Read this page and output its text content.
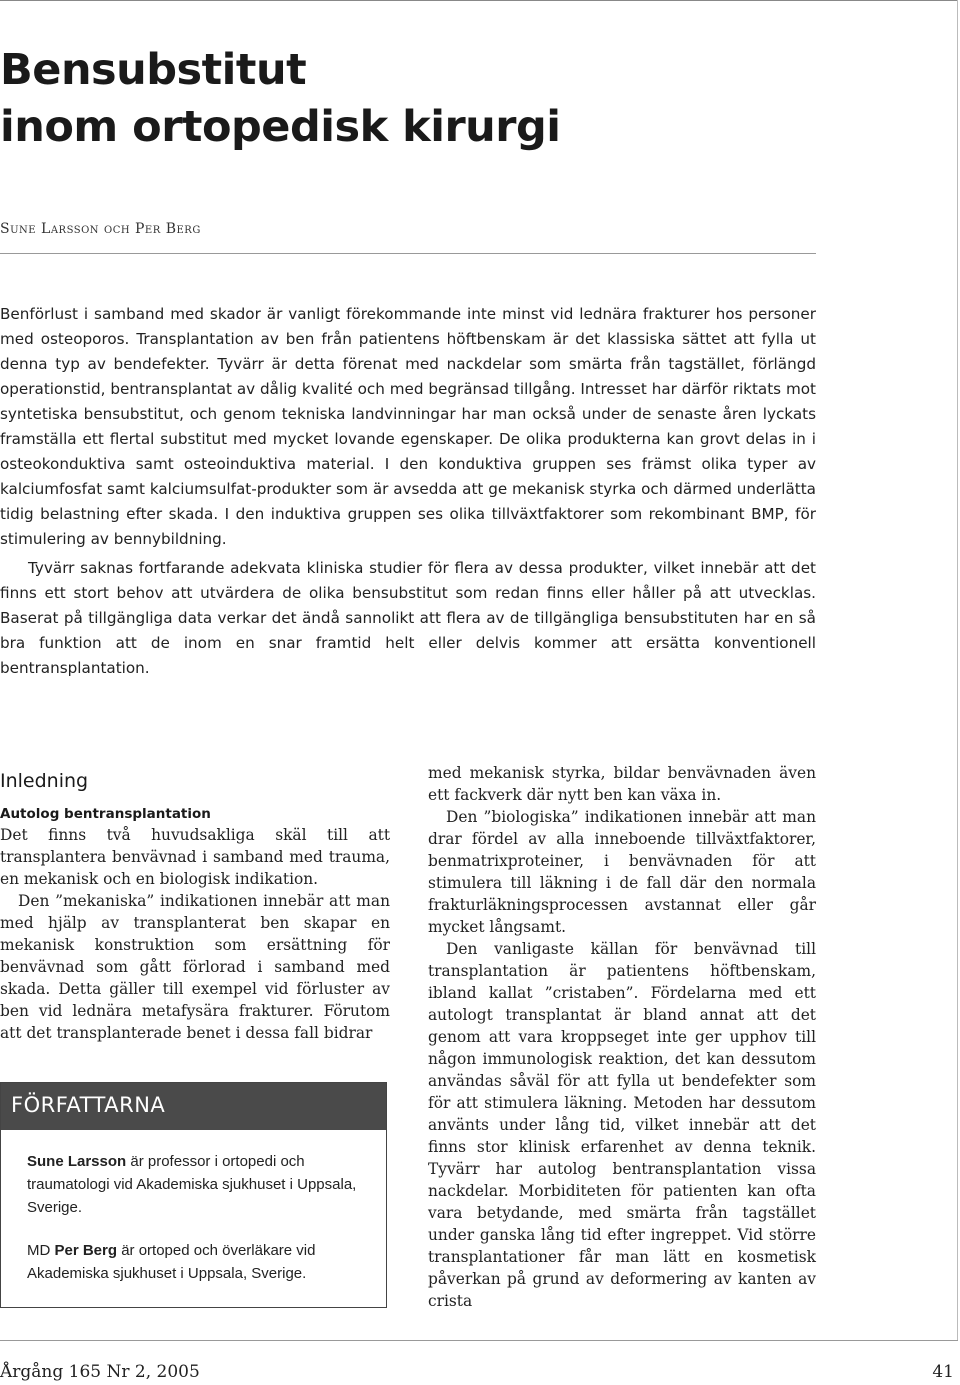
Bensubstitut
inom ortopedisk kirurgi

Sune Larsson och Per Berg

Benförlust i samband med skador är vanligt förekommande inte minst vid lednära frakturer hos personer med osteoporos. Transplantation av ben från patientens höftbenskam är det klassiska sättet att fylla ut denna typ av bendefekter. Tyvärr är detta förenat med nackdelar som smärta från tagstället, förlängd operationstid, bentransplantat av dålig kvalité och med begränsad tillgång. Intresset har därför riktats mot syntetiska bensubstitut, och genom tekniska landvinningar har man också under de senaste åren lyckats framställa ett flertal substitut med mycket lovande egenskaper. De olika produkterna kan grovt delas in i osteokonduktiva samt osteoinduktiva material. I den konduktiva gruppen ses främst olika typer av kalciumfosfat samt kalciumsulfat-produkter som är avsedda att ge mekanisk styrka och därmed underlätta tidig belastning efter skada. I den induktiva gruppen ses olika tillväxtfaktorer som rekombinant BMP, för stimulering av bennybildning.

Tyvärr saknas fortfarande adekvata kliniska studier för flera av dessa produkter, vilket innebär att det finns ett stort behov att utvärdera de olika bensubstitut som redan finns eller håller på att utvecklas. Baserat på tillgängliga data verkar det ändå sannolikt att flera av de tillgängliga bensubstituten har en så bra funktion att de inom en snar framtid helt eller delvis kommer att ersätta konventionell bentransplantation.

Inledning
Autolog bentransplantation

Det finns två huvudsakliga skäl till att transplantera benvävnad i samband med trauma, en mekanisk och en biologisk indikation.

Den ”mekaniska” indikationen innebär att man med hjälp av transplanterat ben skapar en mekanisk konstruktion som ersättning för benvävnad som gått förlorad i samband med skada. Detta gäller till exempel vid förluster av ben vid lednära metafysära frakturer. Förutom att det transplanterade benet i dessa fall bidrar

FÖRFATTARNA

Sune Larsson är professor i ortopedi och traumatologi vid Akademiska sjukhuset i Uppsala, Sverige.

MD Per Berg är ortoped och överläkare vid Akademiska sjukhuset i Uppsala, Sverige.

med mekanisk styrka, bildar benvävnaden även ett fackverk där nytt ben kan växa in.

Den ”biologiska” indikationen innebär att man drar fördel av alla inneboende tillväxtfaktorer, benmatrixproteiner, i benvävnaden för att stimulera till läkning i de fall där den normala frakturläkningsprocessen avstannat eller går mycket långsamt.

Den vanligaste källan för benvävnad till transplantation är patientens höftbenskam, ibland kallat ”cristaben”. Fördelarna med ett autologt transplantat är bland annat att det genom att vara kroppseget inte ger upphov till någon immunologisk reaktion, det kan dessutom användas såväl för att fylla ut bendefekter som för att stimulera läkning. Metoden har dessutom använts under lång tid, vilket innebär att det finns stor klinisk erfarenhet av denna teknik. Tyvärr har autolog bentransplantation vissa nackdelar. Morbiditeten för patienten kan ofta vara betydande, med smärta från tagstället under ganska lång tid efter ingreppet. Vid större transplantationer får man lätt en kosmetisk påverkan på grund av deformering av kanten av crista

Årgång 165 Nr 2, 2005	41
